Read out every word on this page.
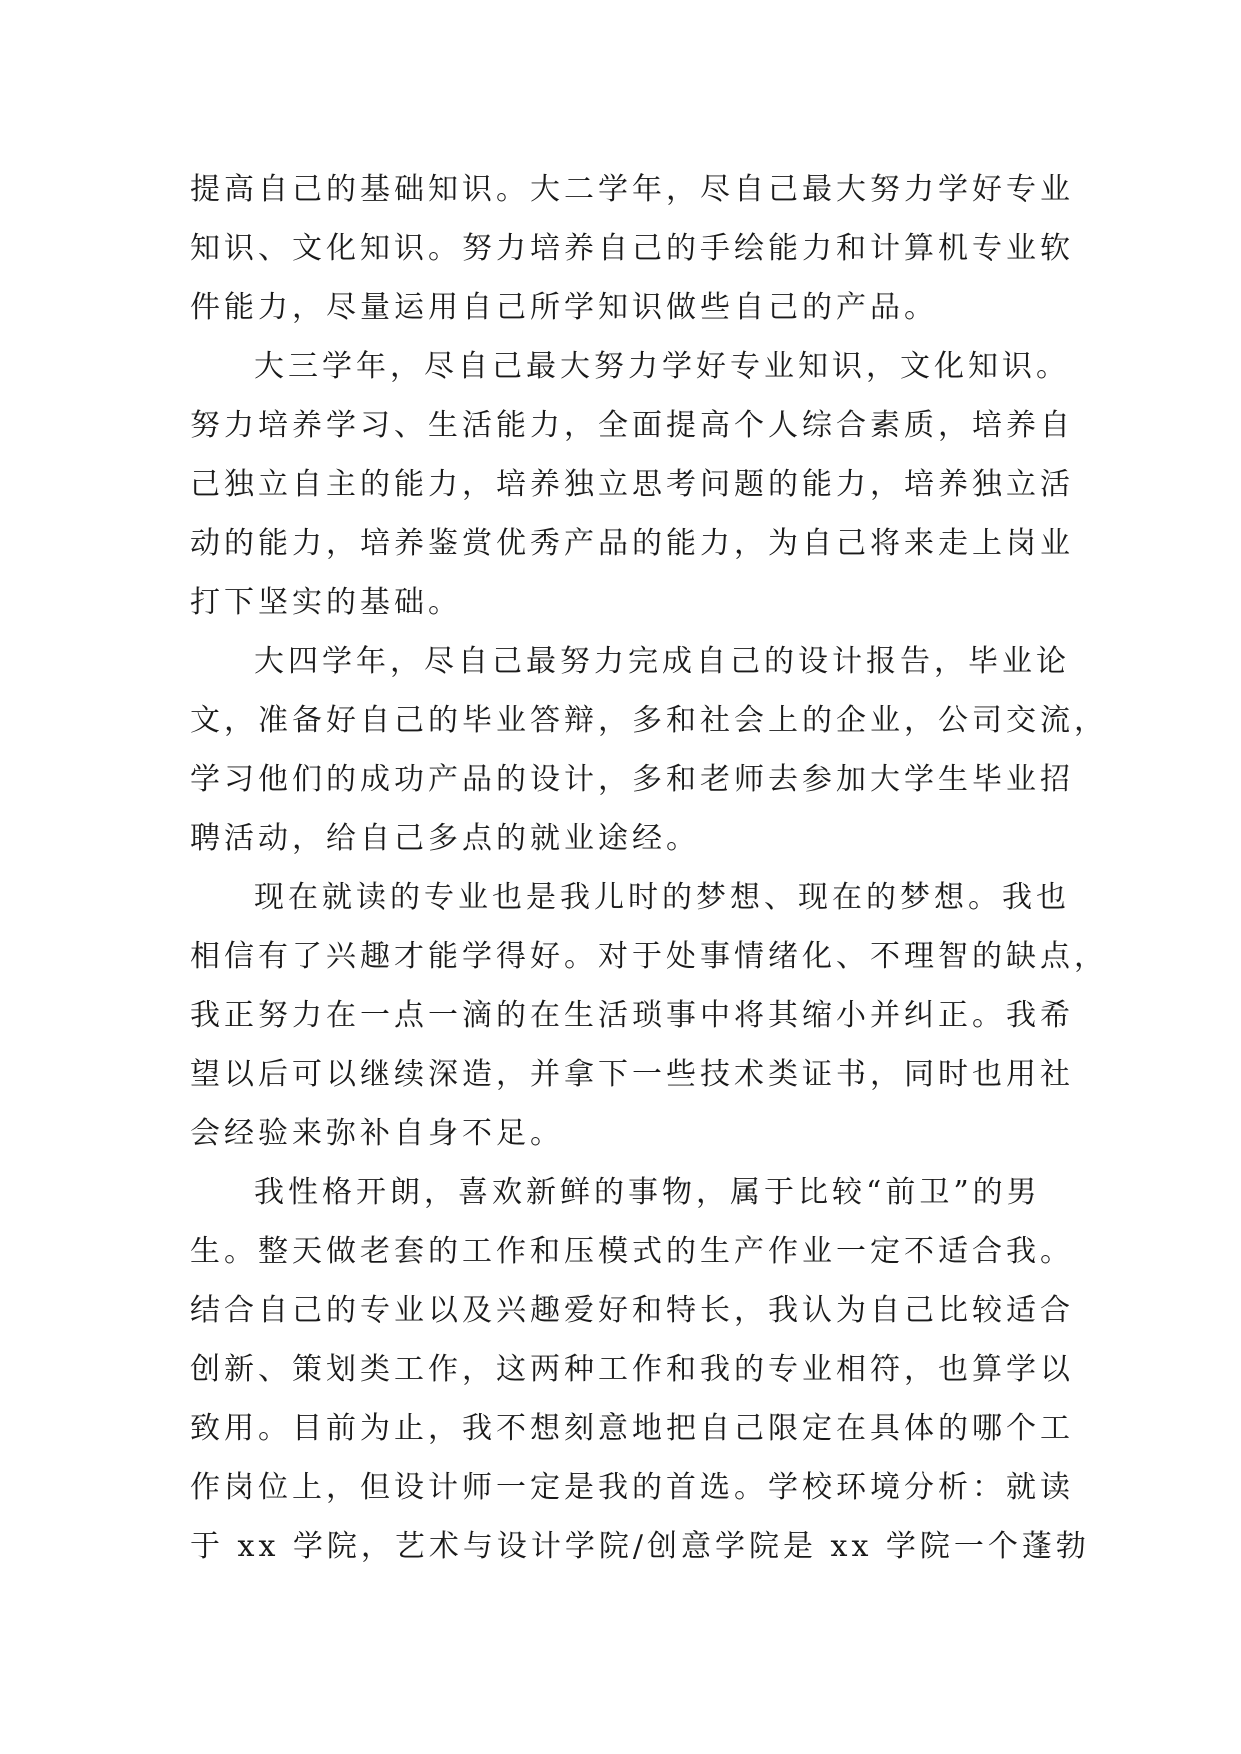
提高自己的基础知识。大二学年，尽自己最大努力学好专业
知识、文化知识。努力培养自己的手绘能力和计算机专业软
件能力，尽量运用自己所学知识做些自己的产品。
大三学年，尽自己最大努力学好专业知识，文化知识。
努力培养学习、生活能力，全面提高个人综合素质，培养自
己独立自主的能力，培养独立思考问题的能力，培养独立活
动的能力，培养鉴赏优秀产品的能力，为自己将来走上岗业
打下坚实的基础。
大四学年，尽自己最努力完成自己的设计报告，毕业论
文，准备好自己的毕业答辩，多和社会上的企业，公司交流，
学习他们的成功产品的设计，多和老师去参加大学生毕业招
聘活动，给自己多点的就业途经。
现在就读的专业也是我儿时的梦想、现在的梦想。我也
相信有了兴趣才能学得好。对于处事情绪化、不理智的缺点，
我正努力在一点一滴的在生活琐事中将其缩小并纠正。我希
望以后可以继续深造，并拿下一些技术类证书，同时也用社
会经验来弥补自身不足。
我性格开朗，喜欢新鲜的事物，属于比较“前卫”的男
生。整天做老套的工作和压模式的生产作业一定不适合我。
结合自己的专业以及兴趣爱好和特长，我认为自己比较适合
创新、策划类工作，这两种工作和我的专业相符，也算学以
致用。目前为止，我不想刻意地把自己限定在具体的哪个工
作岗位上，但设计师一定是我的首选。学校环境分析：就读
于 xx 学院，艺术与设计学院/创意学院是 xx 学院一个蓬勃
